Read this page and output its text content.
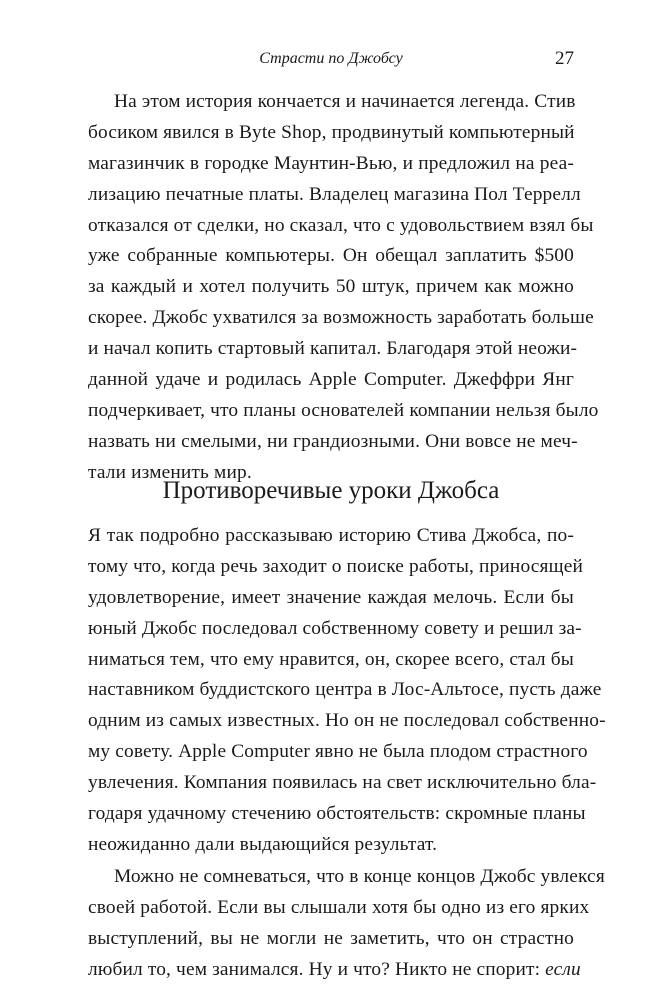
Страсти по Джобсу	27
На этом история кончается и начинается легенда. Стив
босиком явился в Byte Shop, продвинутый компьютерный
магазинчик в городке Маунтин-Вью, и предложил на реа-
лизацию печатные платы. Владелец магазина Пол Террелл
отказался от сделки, но сказал, что с удовольствием взял бы
уже собранные компьютеры. Он обещал заплатить $500
за каждый и хотел получить 50 штук, причем как можно
скорее. Джобс ухватился за возможность заработать больше
и начал копить стартовый капитал. Благодаря этой неожи-
данной удаче и родилась Apple Computer. Джеффри Янг
подчеркивает, что планы основателей компании нельзя было
назвать ни смелыми, ни грандиозными. Они вовсе не меч-
тали изменить мир.
Противоречивые уроки Джобса
Я так подробно рассказываю историю Стива Джобса, по-
тому что, когда речь заходит о поиске работы, приносящей
удовлетворение, имеет значение каждая мелочь. Если бы
юный Джобс последовал собственному совету и решил за-
ниматься тем, что ему нравится, он, скорее всего, стал бы
наставником буддистского центра в Лос-Альтосе, пусть даже
одним из самых известных. Но он не последовал собственно-
му совету. Apple Computer явно не была плодом страстного
увлечения. Компания появилась на свет исключительно бла-
годаря удачному стечению обстоятельств: скромные планы
неожиданно дали выдающийся результат.
Можно не сомневаться, что в конце концов Джобс увлекся
своей работой. Если вы слышали хотя бы одно из его ярких
выступлений, вы не могли не заметить, что он страстно
любил то, чем занимался. Ну и что? Никто не спорит: если
